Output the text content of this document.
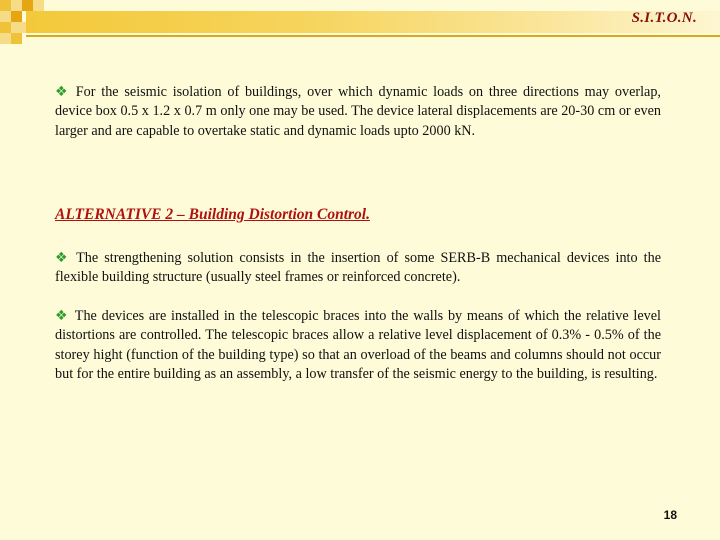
S.I.T.O.N.

❖ For the seismic isolation of buildings, over which dynamic loads on three directions may overlap, device box 0.5 x 1.2 x 0.7 m only one may be used. The device lateral displacements are 20-30 cm or even larger and are capable to overtake static and dynamic loads upto 2000 kN.

ALTERNATIVE 2 – Building Distortion Control.

❖ The strengthening solution consists in the insertion of some SERB-B mechanical devices into the flexible building structure (usually steel frames or reinforced concrete).

❖ The devices are installed in the telescopic braces into the walls by means of which the relative level distortions are controlled. The telescopic braces allow a relative level displacement of 0.3% - 0.5% of the storey hight (function of the building type) so that an overload of the beams and columns should not occur but for the entire building as an assembly, a low transfer of the seismic energy to the building, is resulting.

18
